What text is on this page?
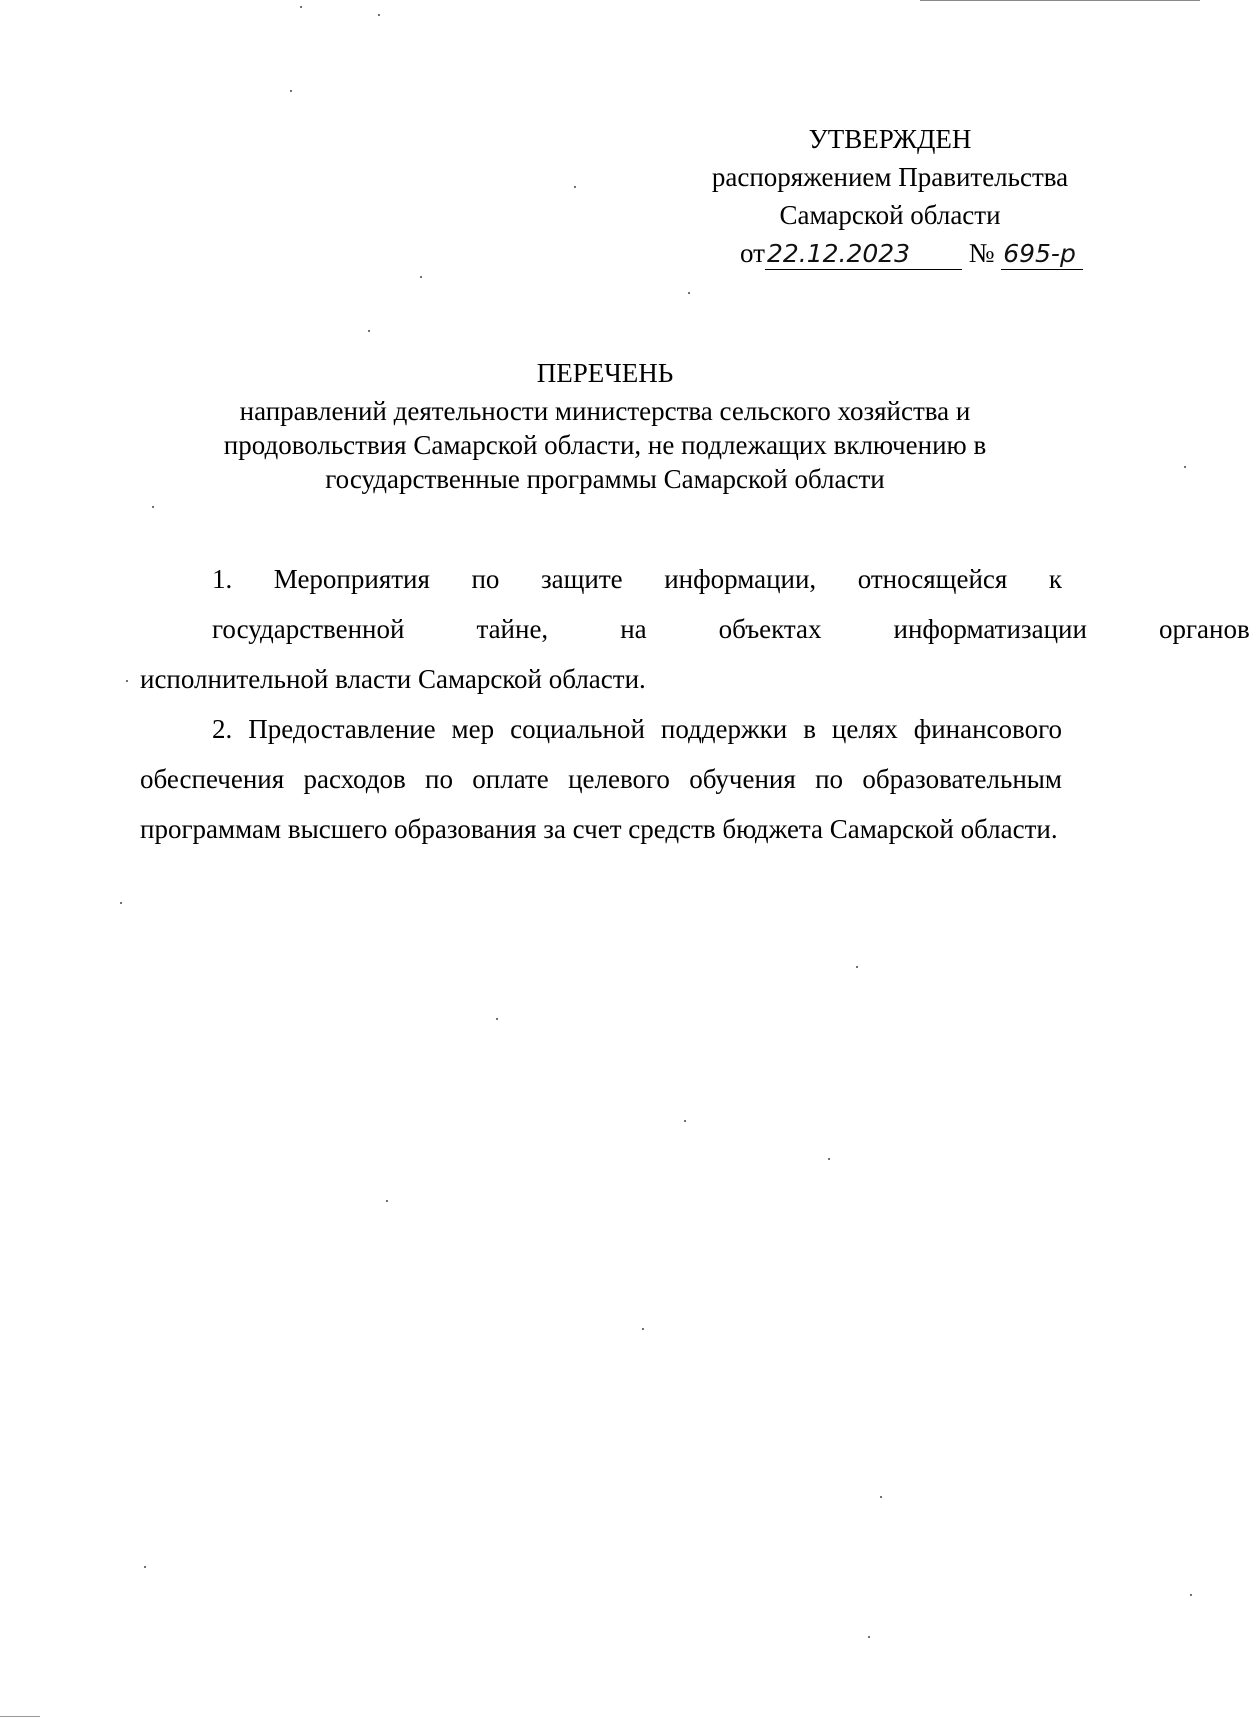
УТВЕРЖДЕН
распоряжением Правительства
Самарской области
от22.12.2023 № 695-р
ПЕРЕЧЕНЬ
направлений деятельности министерства сельского хозяйства и
продовольствия Самарской области, не подлежащих включению в
государственные программы Самарской области
1. Мероприятия по защите информации, относящейся к
государственной	тайне,	на	объектах	информатизации	органов
исполнительной власти Самарской области.

2. Предоставление мер социальной поддержки в целях финансового обеспечения расходов по оплате целевого обучения по образовательным программам высшего образования за счет средств бюджета Самарской области.
